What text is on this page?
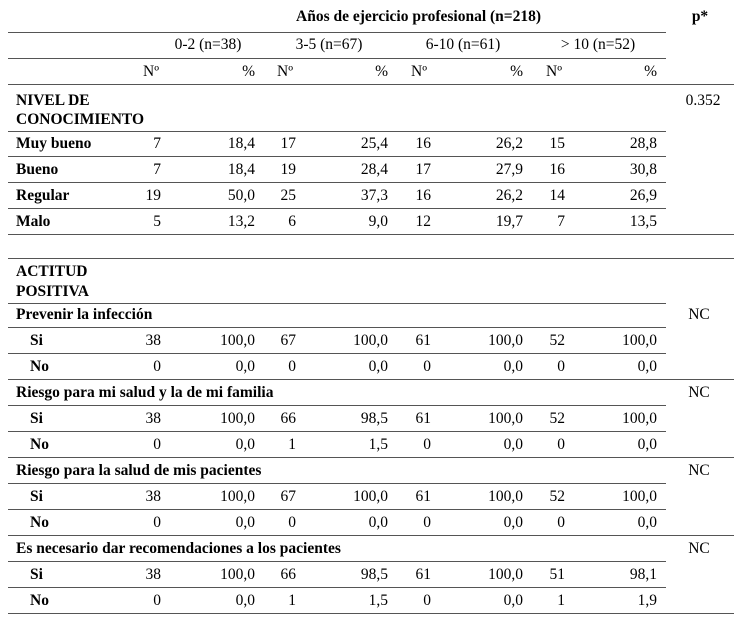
Años de ejercicio profesional (n=218)	p*
0-2 (n=38)	3-5 (n=67)	6-10 (n=61)	> 10 (n=52)
Nº	% Nº	% Nº	% Nº	%
NIVEL DE
CONOCIMIENTO
0.352
Muy bueno	7	18,4 17	25,4 16	26,2 15	28,8
Bueno	7	18,4 19	28,4 17	27,9 16	30,8
Regular	19	50,0 25	37,3 16	26,2 14	26,9
Malo	5	13,2 6	9,0 12	19,7 7	13,5
ACTITUD
POSITIVA
Prevenir la infección	NC
Si	38	100,0 67	100,0 61	100,0 52	100,0
No	0	0,0 0	0,0 0	0,0 0	0,0
Riesgo para mi salud y la de mi familia	NC
Si	38	100,0 66	98,5 61	100,0 52	100,0
No	0	0,0 1	1,5 0	0,0 0	0,0
Riesgo para la salud de mis pacientes	NC
Si	38	100,0 67	100,0 61	100,0 52	100,0
No	0	0,0 0	0,0 0	0,0 0	0,0
Es necesario dar recomendaciones a los pacientes	NC
Si	38	100,0 66	98,5 61	100,0 51	98,1
No	0	0,0 1	1,5 0	0,0 1	1,9
